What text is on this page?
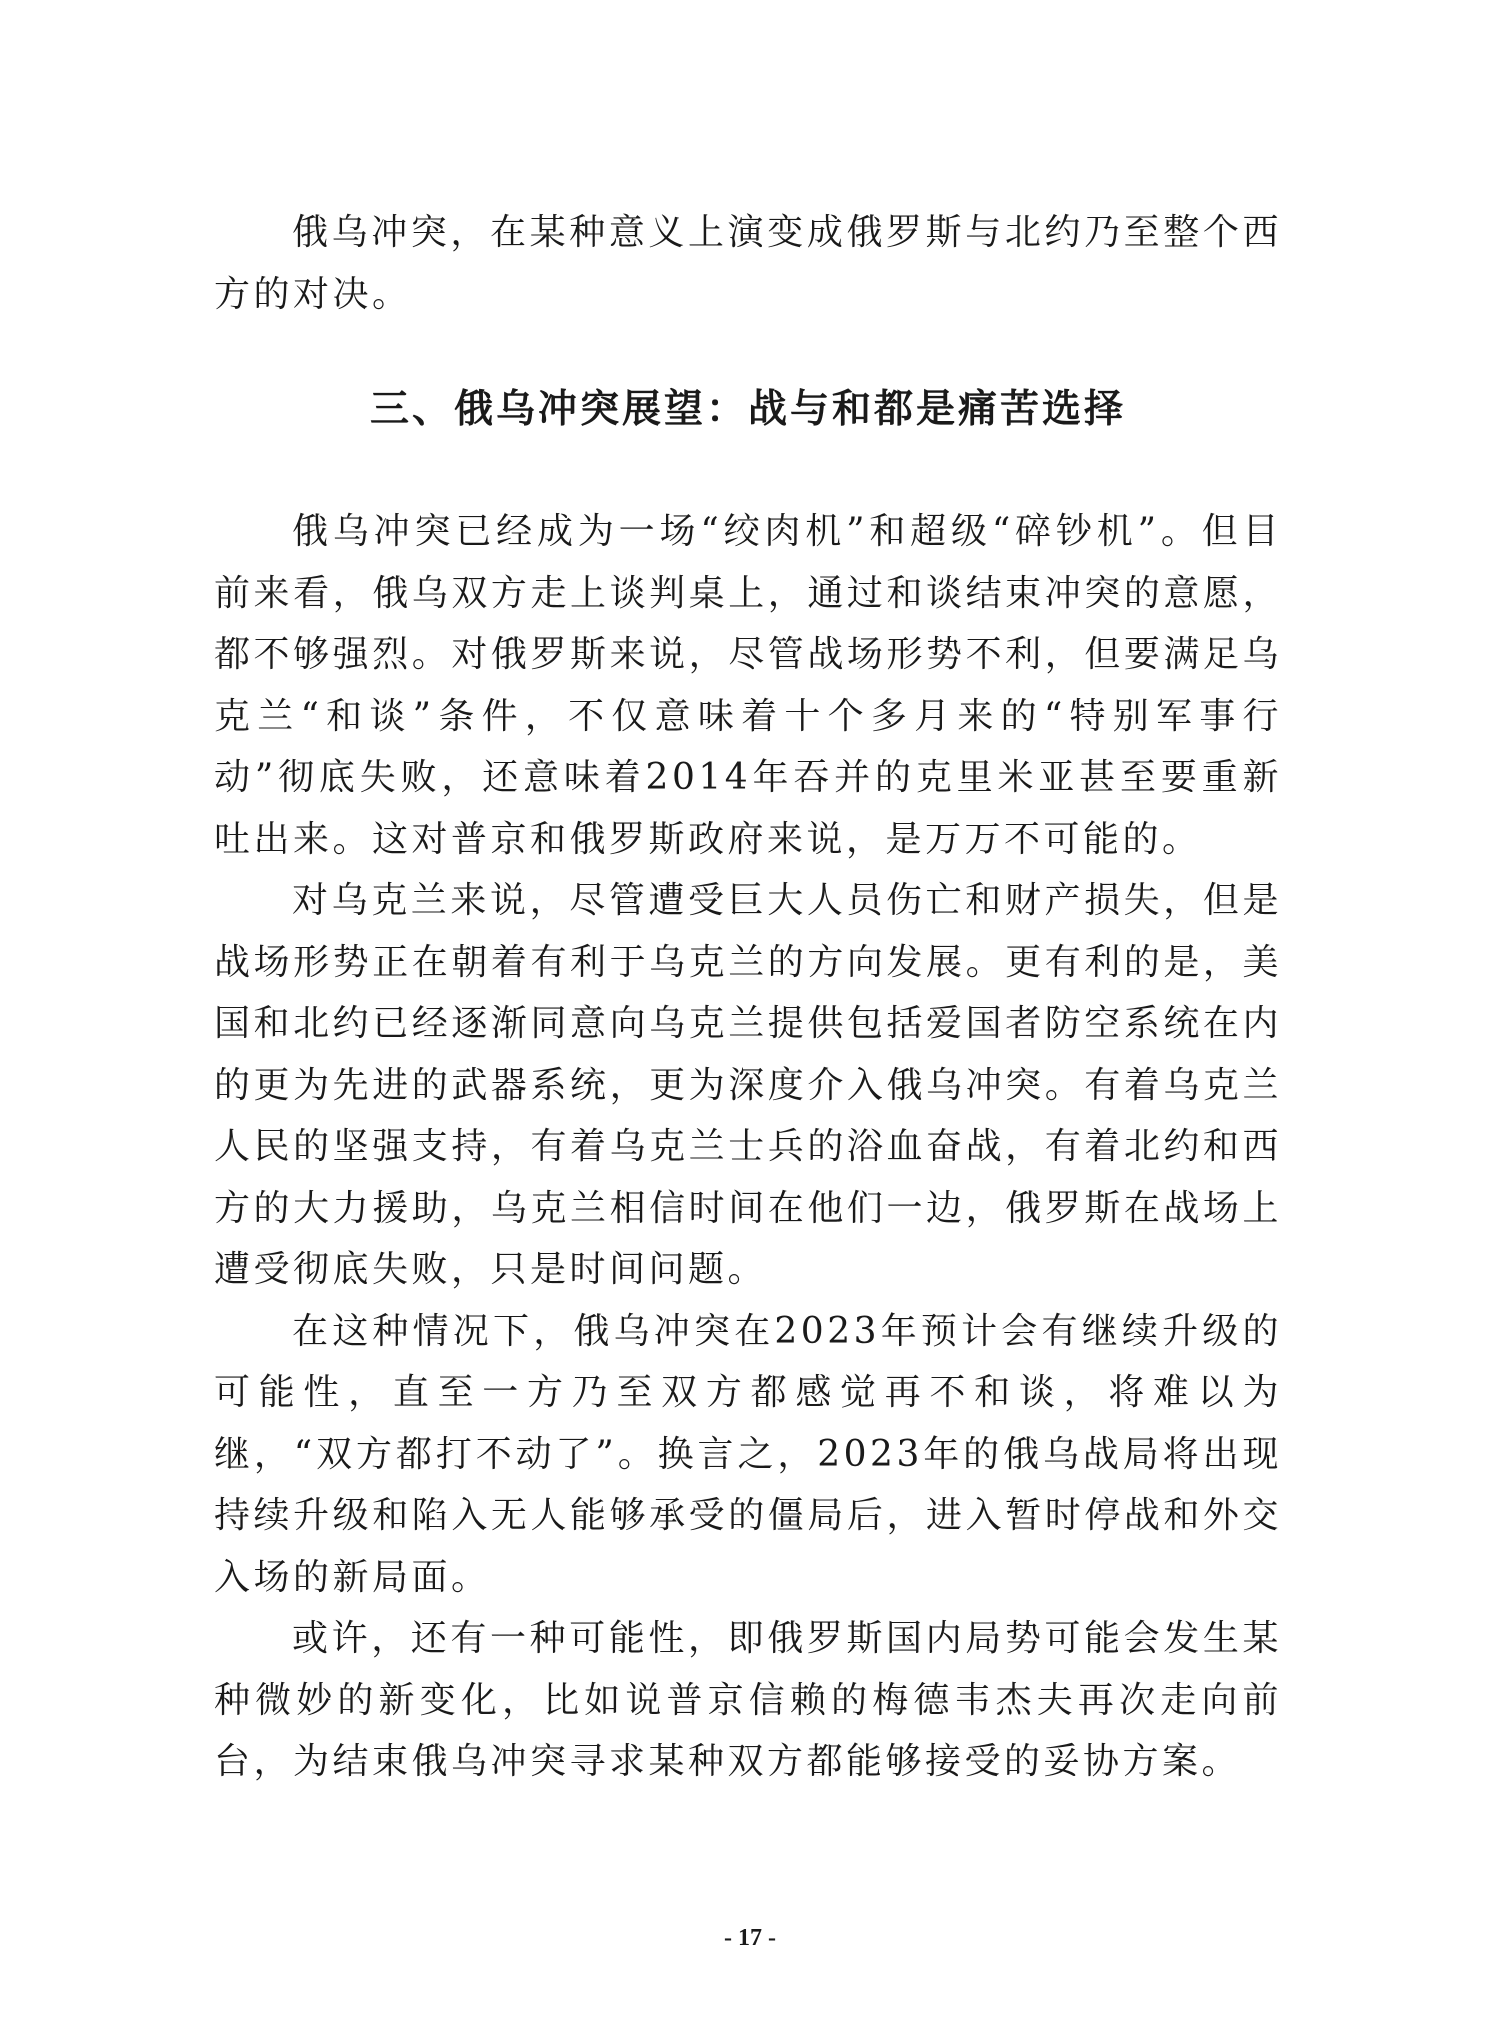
俄乌冲突，在某种意义上演变成俄罗斯与北约乃至整个西方的对决。

三、俄乌冲突展望：战与和都是痛苦选择

俄乌冲突已经成为一场“绞肉机”和超级“碎钞机”。但目前来看，俄乌双方走上谈判桌上，通过和谈结束冲突的意愿，都不够强烈。对俄罗斯来说，尽管战场形势不利，但要满足乌克兰“和谈”条件，不仅意味着十个多月来的“特别军事行动”彻底失败，还意味着2014年吞并的克里米亚甚至要重新吐出来。这对普京和俄罗斯政府来说，是万万不可能的。

对乌克兰来说，尽管遭受巨大人员伤亡和财产损失，但是战场形势正在朝着有利于乌克兰的方向发展。更有利的是，美国和北约已经逐渐同意向乌克兰提供包括爱国者防空系统在内的更为先进的武器系统，更为深度介入俄乌冲突。有着乌克兰人民的坚强支持，有着乌克兰士兵的浴血奋战，有着北约和西方的大力援助，乌克兰相信时间在他们一边，俄罗斯在战场上遭受彻底失败，只是时间问题。

在这种情况下，俄乌冲突在2023年预计会有继续升级的可能性，直至一方乃至双方都感觉再不和谈，将难以为继，“双方都打不动了”。换言之，2023年的俄乌战局将出现持续升级和陷入无人能够承受的僵局后，进入暂时停战和外交入场的新局面。

或许，还有一种可能性，即俄罗斯国内局势可能会发生某种微妙的新变化，比如说普京信赖的梅德韦杰夫再次走向前台，为结束俄乌冲突寻求某种双方都能够接受的妥协方案。

- 17 -
